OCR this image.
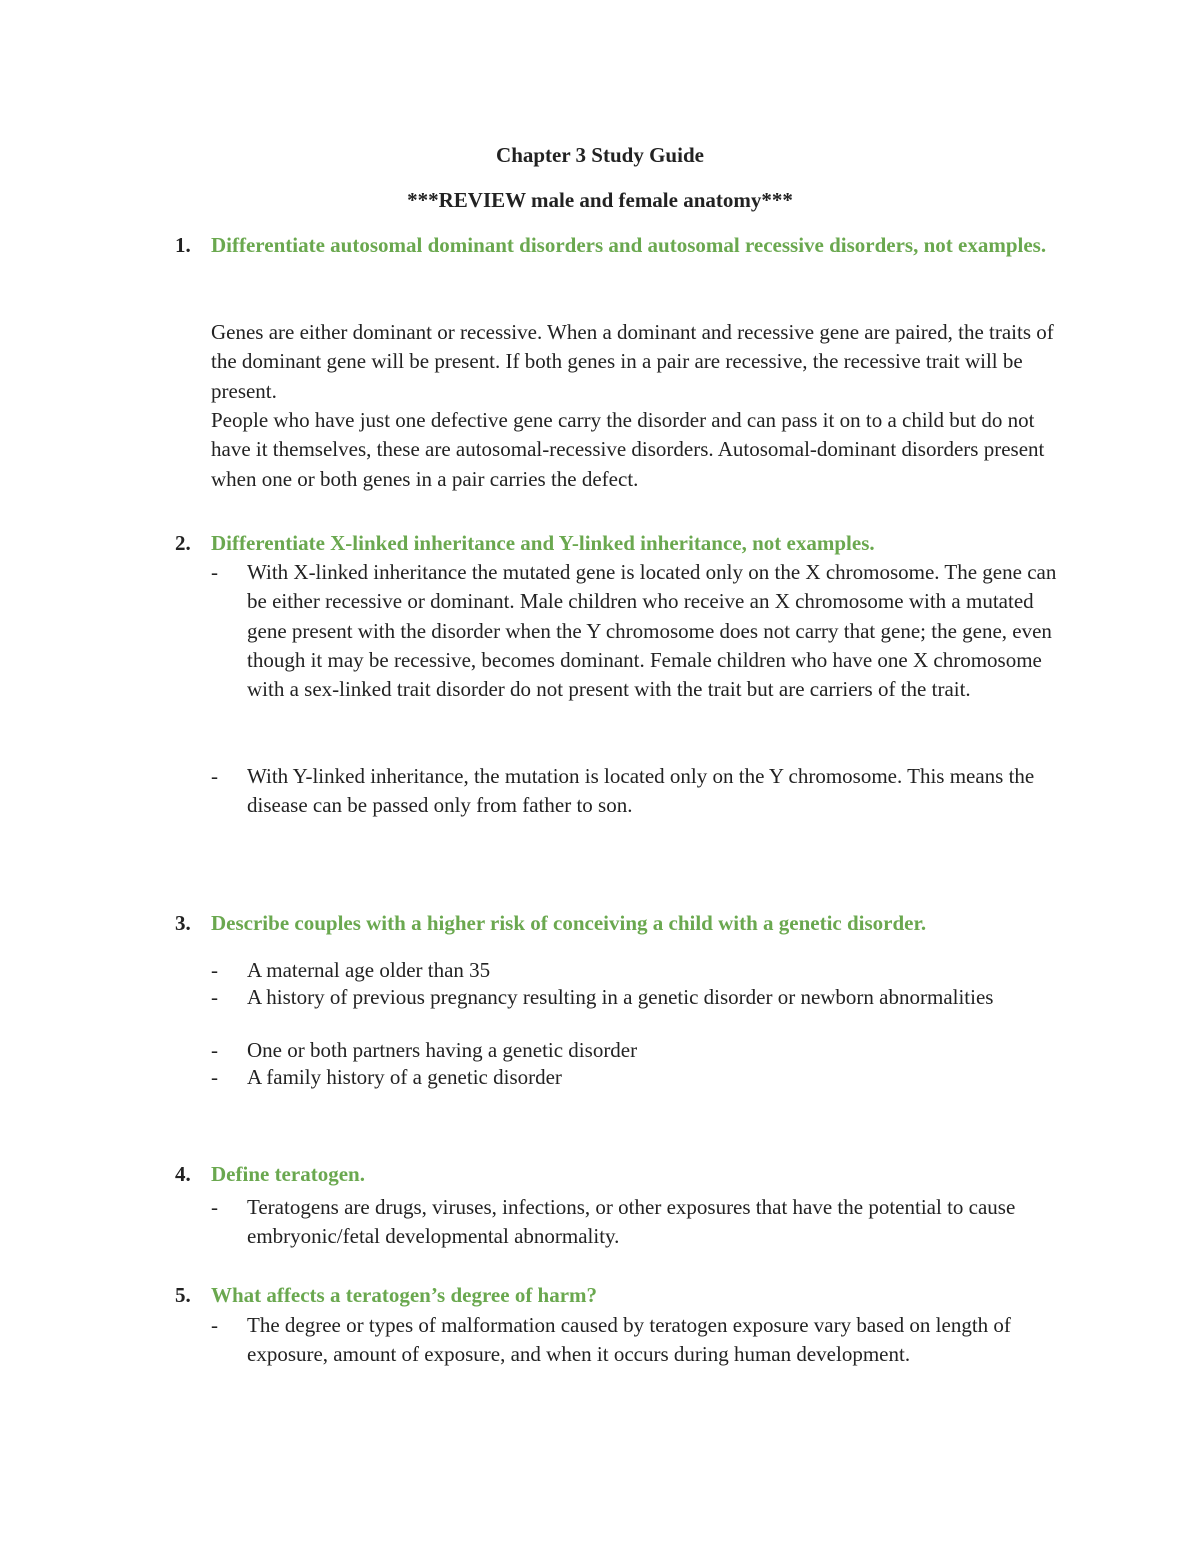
Chapter 3 Study Guide
***REVIEW male and female anatomy***
1. Differentiate autosomal dominant disorders and autosomal recessive disorders, not examples.
Genes are either dominant or recessive. When a dominant and recessive gene are paired, the traits of the dominant gene will be present. If both genes in a pair are recessive, the recessive trait will be present.
People who have just one defective gene carry the disorder and can pass it on to a child but do not have it themselves, these are autosomal-recessive disorders. Autosomal-dominant disorders present when one or both genes in a pair carries the defect.
2. Differentiate X-linked inheritance and Y-linked inheritance, not examples.
- With X-linked inheritance the mutated gene is located only on the X chromosome. The gene can be either recessive or dominant. Male children who receive an X chromosome with a mutated gene present with the disorder when the Y chromosome does not carry that gene; the gene, even though it may be recessive, becomes dominant. Female children who have one X chromosome with a sex-linked trait disorder do not present with the trait but are carriers of the trait.
- With Y-linked inheritance, the mutation is located only on the Y chromosome. This means the disease can be passed only from father to son.
3. Describe couples with a higher risk of conceiving a child with a genetic disorder.
- A maternal age older than 35
- A history of previous pregnancy resulting in a genetic disorder or newborn abnormalities
- One or both partners having a genetic disorder
- A family history of a genetic disorder
4. Define teratogen.
- Teratogens are drugs, viruses, infections, or other exposures that have the potential to cause embryonic/fetal developmental abnormality.
5. What affects a teratogen’s degree of harm?
- The degree or types of malformation caused by teratogen exposure vary based on length of exposure, amount of exposure, and when it occurs during human development.
